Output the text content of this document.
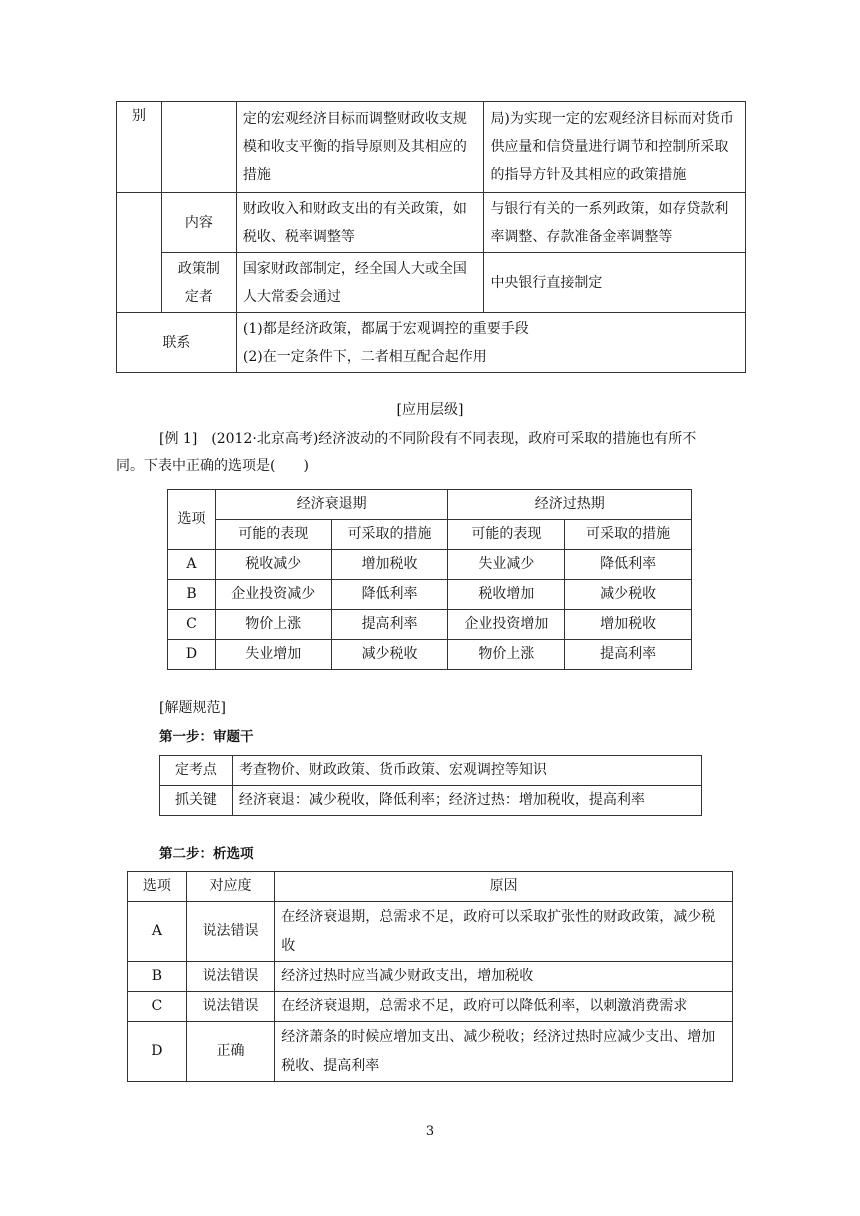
别		定的宏观经济目标而调整财政收支规模和收支平衡的指导原则及其相应的措施	局)为实现一定的宏观经济目标而对货币供应量和信贷量进行调节和控制所采取的指导方针及其相应的政策措施
	内容	财政收入和财政支出的有关政策，如税收、税率调整等	与银行有关的一系列政策，如存贷款利率调整、存款准备金率调整等
	政策制定者	国家财政部制定，经全国人大或全国人大常委会通过	中央银行直接制定
联系		(1)都是经济政策，都属于宏观调控的重要手段
(2)在一定条件下，二者相互配合起作用	
[应用层级]
[例 1]　(2012·北京高考)经济波动的不同阶段有不同表现，政府可采取的措施也有所不
同。下表中正确的选项是(　　)
选项	经济衰退期		经济过热期	
	可能的表现	可采取的措施	可能的表现	可采取的措施
A	税收减少	增加税收	失业减少	降低利率
B	企业投资减少	降低利率	税收增加	减少税收
C	物价上涨	提高利率	企业投资增加	增加税收
D	失业增加	减少税收	物价上涨	提高利率
[解题规范]
第一步：审题干
定考点	考查物价、财政政策、货币政策、宏观调控等知识
抓关键	经济衰退：减少税收，降低利率；经济过热：增加税收，提高利率
第二步：析选项
选项	对应度	原因
A	说法错误	在经济衰退期，总需求不足，政府可以采取扩张性的财政政策，减少税收
B	说法错误	经济过热时应当减少财政支出，增加税收
C	说法错误	在经济衰退期，总需求不足，政府可以降低利率，以刺激消费需求
D	正确	经济萧条的时候应增加支出、减少税收；经济过热时应减少支出、增加税收、提高利率
3
